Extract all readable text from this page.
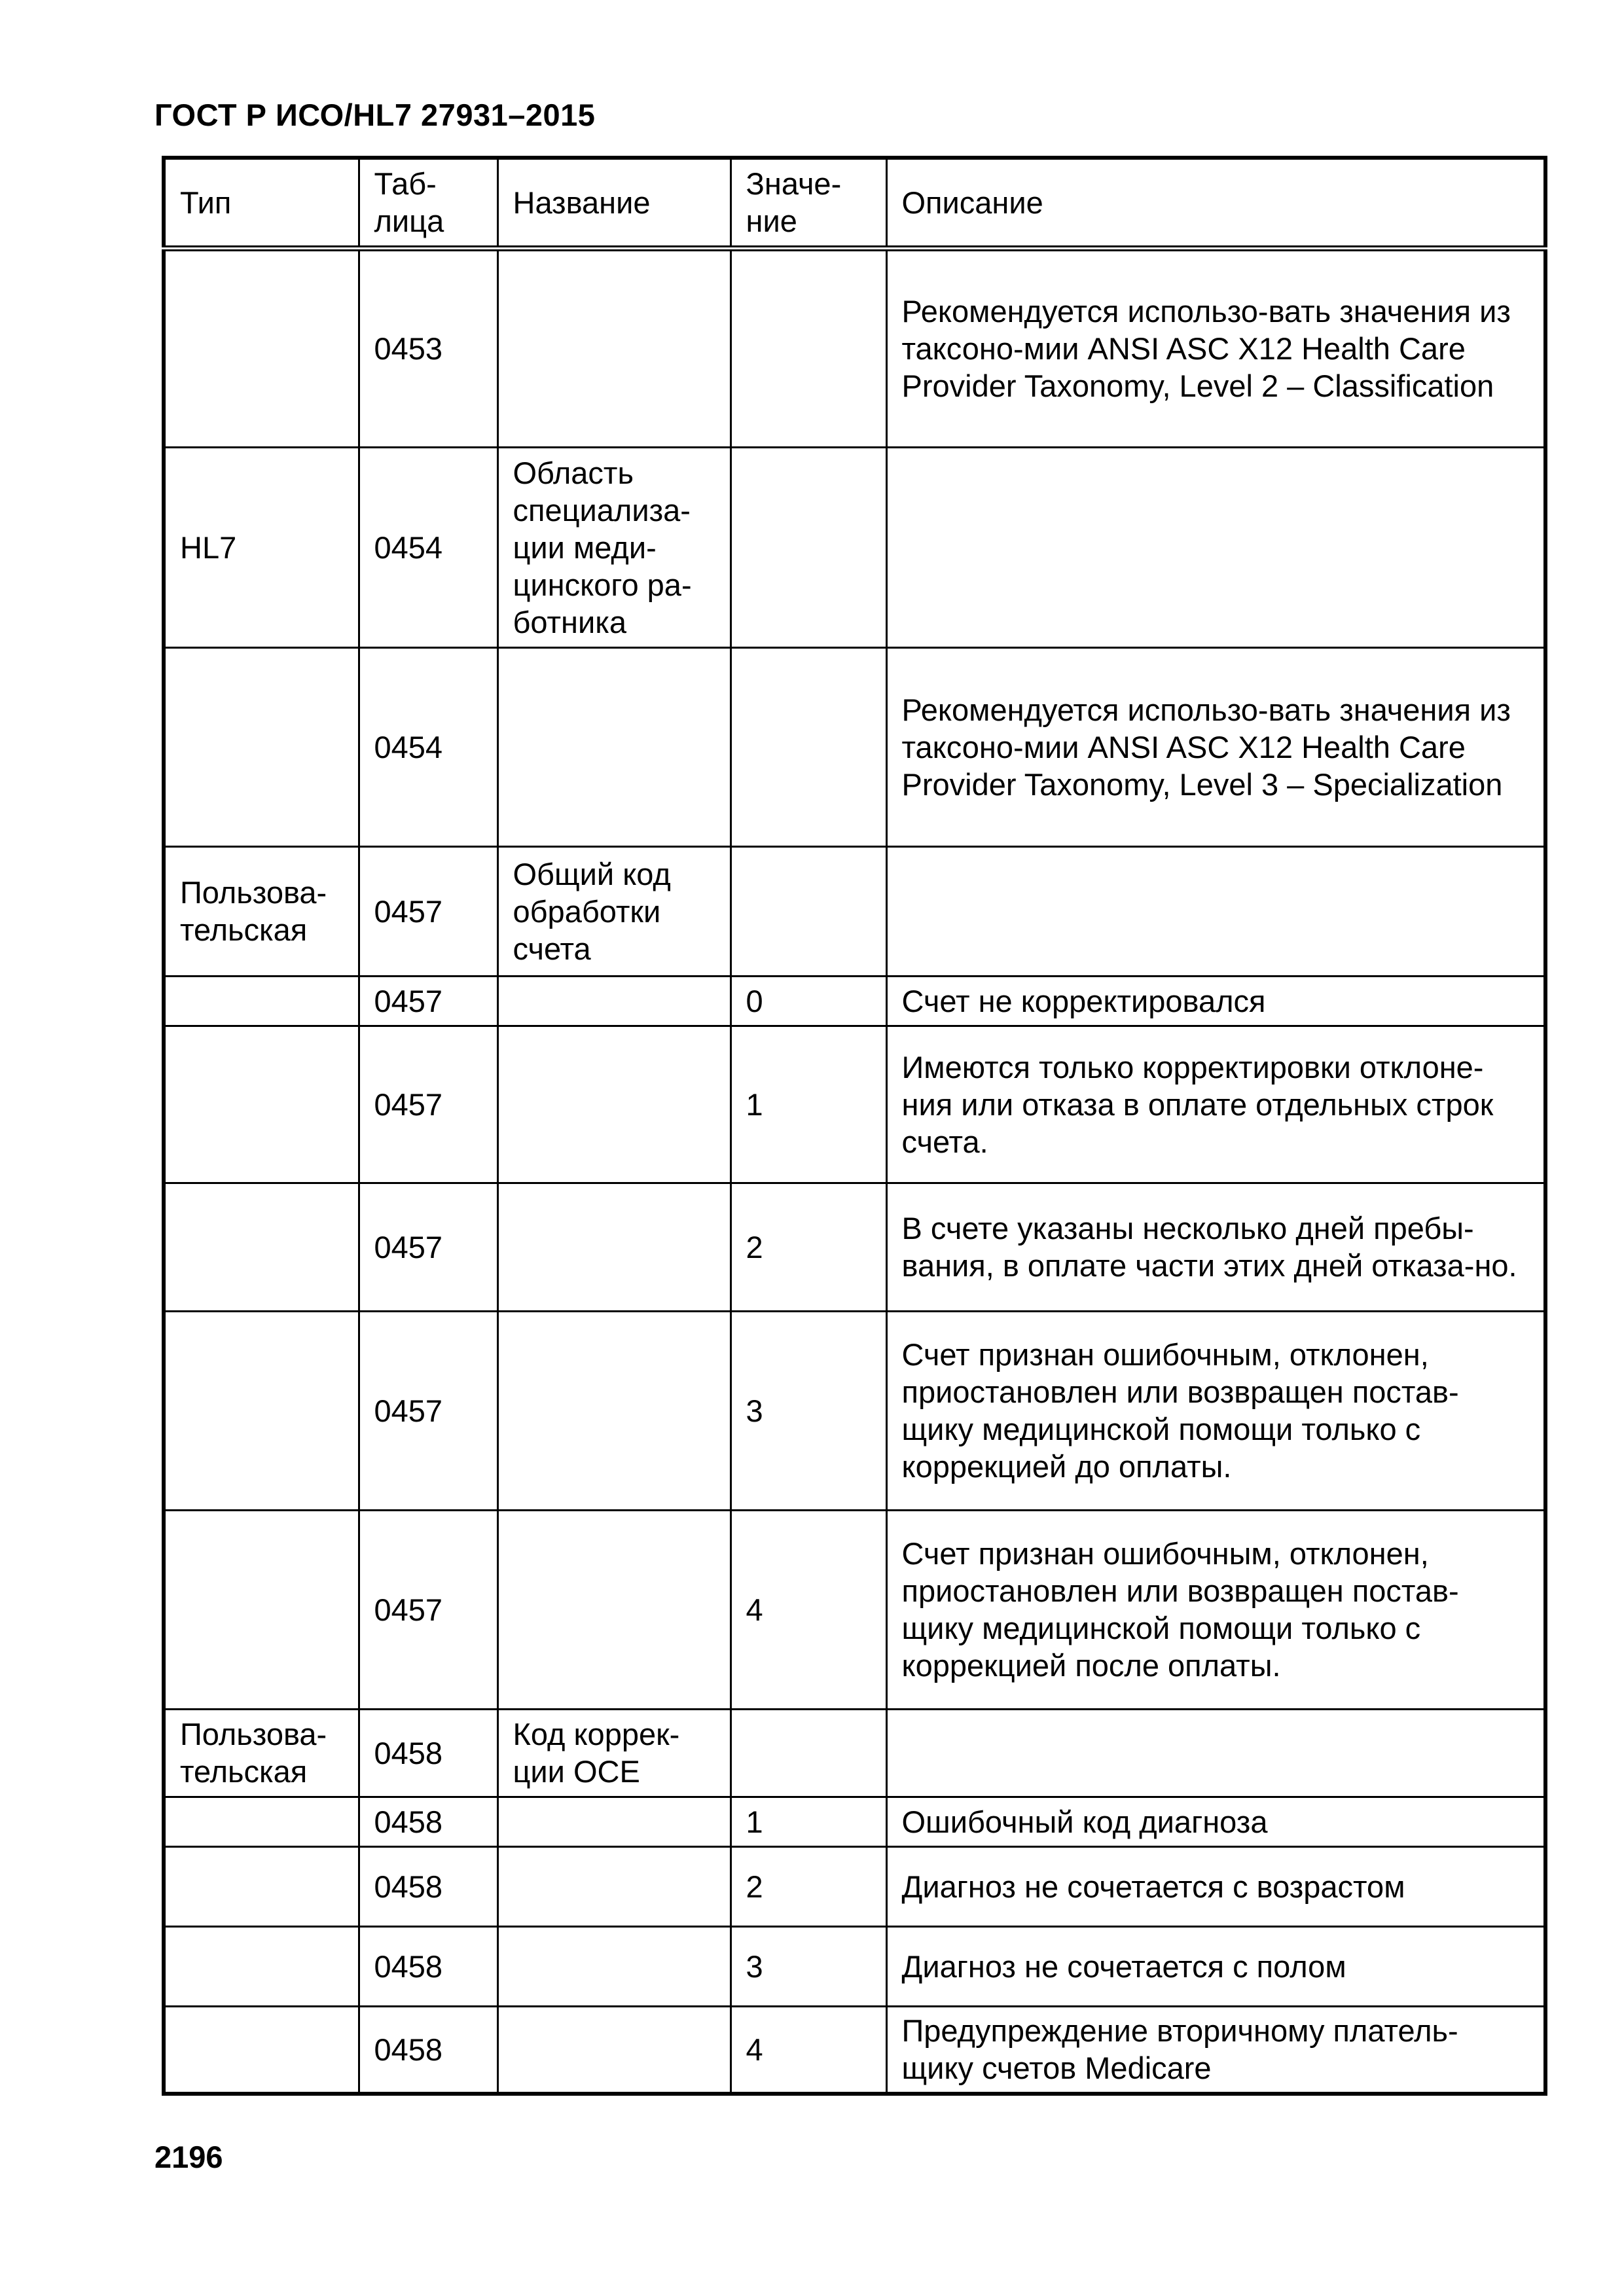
ГОСТ Р ИСО/HL7 27931–2015
Тип	Таб-лица	Название	Значе-ние	Описание
	0453			Рекомендуется использо-вать значения из таксоно-мии ANSI ASC X12 Health Care Provider Taxonomy, Level 2 – Classification
HL7	0454	Область специализа-ции меди-цинского ра-ботника		
	0454			Рекомендуется использо-вать значения из таксоно-мии ANSI ASC X12 Health Care Provider Taxonomy, Level 3 – Specialization
Пользова-тельская	0457	Общий код обработки счета		
	0457		0	Счет не корректировался
	0457		1	Имеются только корректировки отклоне-ния или отказа в оплате отдельных строк счета.
	0457		2	В счете указаны несколько дней пребы-вания, в оплате части этих дней отказа-но.
	0457		3	Счет признан ошибочным, отклонен, приостановлен или возвращен постав-щику медицинской помощи только с коррекцией до оплаты.
	0457		4	Счет признан ошибочным, отклонен, приостановлен или возвращен постав-щику медицинской помощи только с коррекцией после оплаты.
Пользова-тельская	0458	Код коррек-ции OCE		
	0458		1	Ошибочный код диагноза
	0458		2	Диагноз не сочетается с возрастом
	0458		3	Диагноз не сочетается с полом
	0458		4	Предупреждение вторичному платель-щику счетов Medicare
2196
